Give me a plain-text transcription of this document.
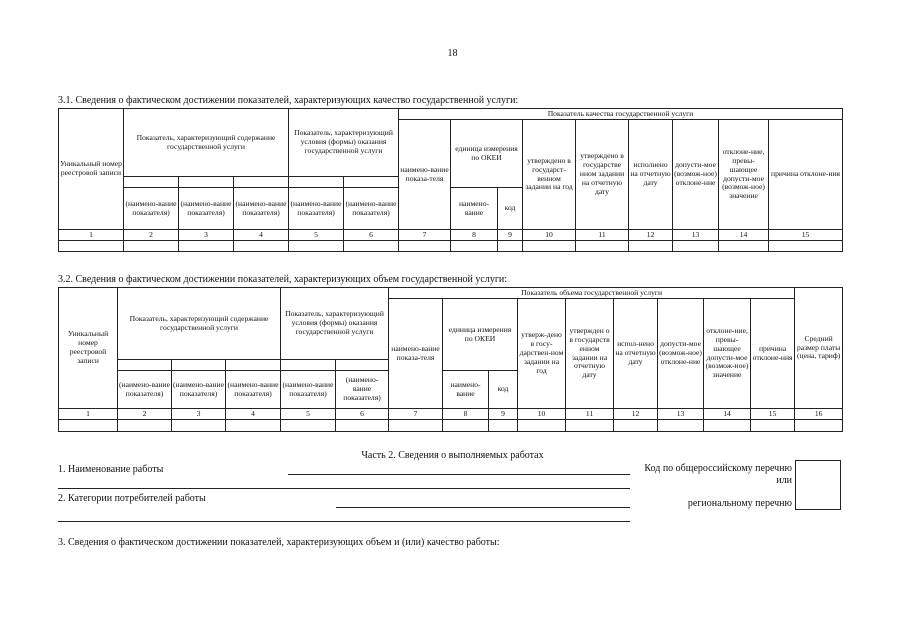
18
3.1. Сведения о фактическом достижении показателей, характеризующих качество государственной услуги:
Уникальный номер реестровой записи	Показатель, характеризующий содержание государственной услуги			Показатель, характеризующий условия (формы) оказания государственной услуги		Показатель качества государственной услуги								
						наимено-вание показа-теля	единица измерения по ОКЕИ		утверждено в государст-венном задании на год	утверждено в государстве нном задании на отчетную дату	исполнено на отчетную дату	допусти-мое (возмож-ное) отклоне-ние	отклоне-ние, превы-шающее допусти-мое (возмож-ное) значение	причина отклоне-ния

	(наимено-вание показателя)	(наимено-вание показателя)	(наимено-вание показателя)	(наимено-вание показателя)	(наимено-вание показателя)		наимено-вание	код						
1	2	3	4	5	6	7	8	9	10	11	12	13	14	15

3.2. Сведения о фактическом достижении показателей, характеризующих объем государственной услуги:
Уникальный номер реестровой записи	Показатель, характеризующий содержание государственной услуги			Показатель, характеризующий условия (формы) оказания государственной услуги		Показатель объема государственной услуги									Средний размер платы (цена, тариф)
						наимено-вание показа-теля	единица измерения по ОКЕИ		утверж-дено в госу-дарствен-ном задании на год	утвержден о в государств енном задании на отчетную дату	испол-нено на отчетную дату	допусти-мое (возмож-ное) отклоне-ние	отклоне-ние, превы-шающее допусти-мое (возмож-ное) значение	причина отклоне-ния	

	(наимено-вание показателя)	(наимено-вание показателя)	(наимено-вание показателя)	(наимено-вание показателя)	(наимено-вание показателя)		наимено-вание	код							
1	2	3	4	5	6	7	8	9	10	11	12	13	14	15	16

Часть 2. Сведения о выполняемых работах
1. Наименование работы
2. Категории потребителей работы
Код по общероссийскому перечню или
региональному перечню
3. Сведения о фактическом достижении показателей, характеризующих объем и (или) качество работы:
